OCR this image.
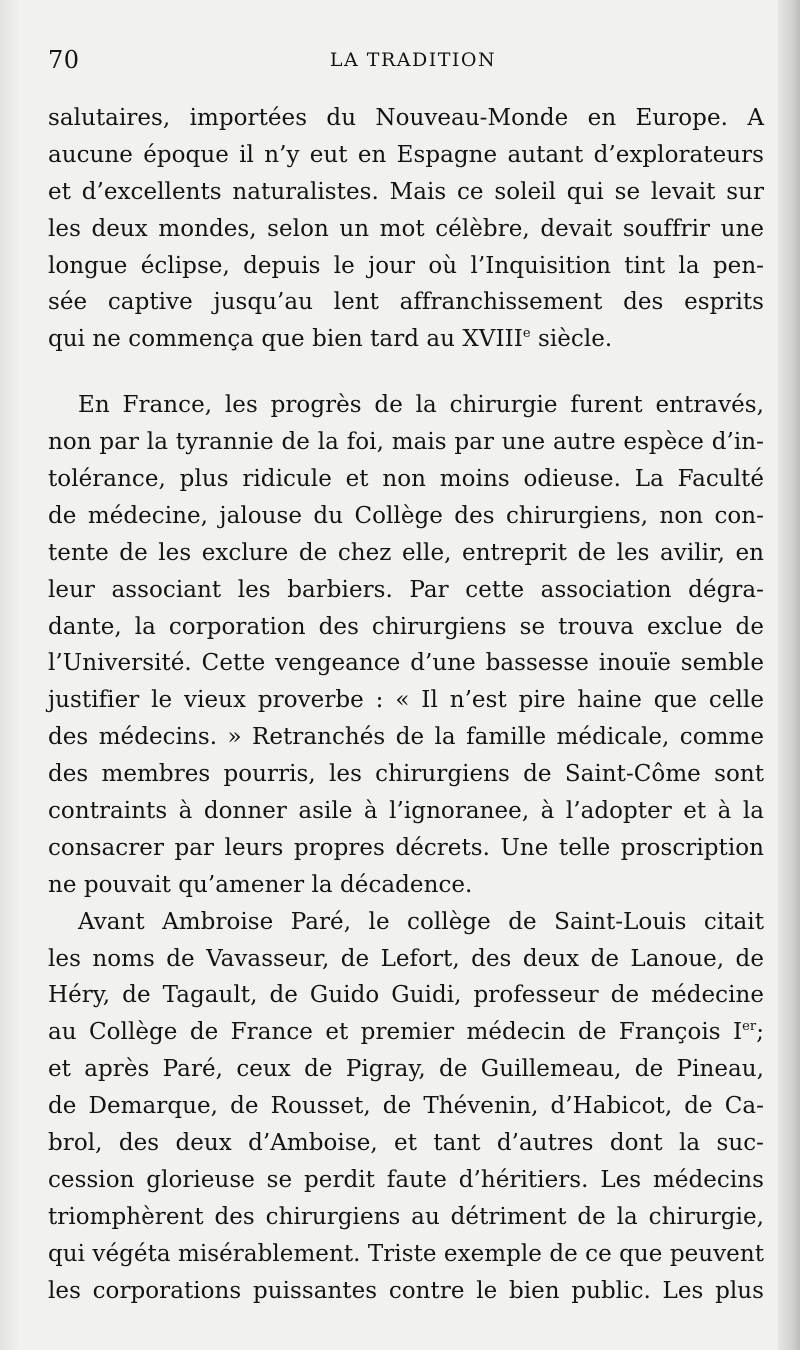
70	LA TRADITION
salutaires, importées du Nouveau-Monde en Europe. A
aucune époque il n’y eut en Espagne autant d’explorateurs
et d’excellents naturalistes. Mais ce soleil qui se levait sur
les deux mondes, selon un mot célèbre, devait souffrir une
longue éclipse, depuis le jour où l’Inquisition tint la pen-
sée captive jusqu’au lent affranchissement des esprits
qui ne commença que bien tard au XVIIIe siècle.
En France, les progrès de la chirurgie furent entravés,
non par la tyrannie de la foi, mais par une autre espèce d’in-
tolérance, plus ridicule et non moins odieuse. La Faculté
de médecine, jalouse du Collège des chirurgiens, non con-
tente de les exclure de chez elle, entreprit de les avilir, en
leur associant les barbiers. Par cette association dégra-
dante, la corporation des chirurgiens se trouva exclue de
l’Université. Cette vengeance d’une bassesse inouïe semble
justifier le vieux proverbe : « Il n’est pire haine que celle
des médecins. » Retranchés de la famille médicale, comme
des membres pourris, les chirurgiens de Saint-Côme sont
contraints à donner asile à l’ignoranee, à l’adopter et à la
consacrer par leurs propres décrets. Une telle proscription
ne pouvait qu’amener la décadence.
Avant Ambroise Paré, le collège de Saint-Louis citait
les noms de Vavasseur, de Lefort, des deux de Lanoue, de
Héry, de Tagault, de Guido Guidi, professeur de médecine
au Collège de France et premier médecin de François Ier;
et après Paré, ceux de Pigray, de Guillemeau, de Pineau,
de Demarque, de Rousset, de Thévenin, d’Habicot, de Ca-
brol, des deux d’Amboise, et tant d’autres dont la suc-
cession glorieuse se perdit faute d’héritiers. Les médecins
triomphèrent des chirurgiens au détriment de la chirurgie,
qui végéta misérablement. Triste exemple de ce que peuvent
les corporations puissantes contre le bien public. Les plus
